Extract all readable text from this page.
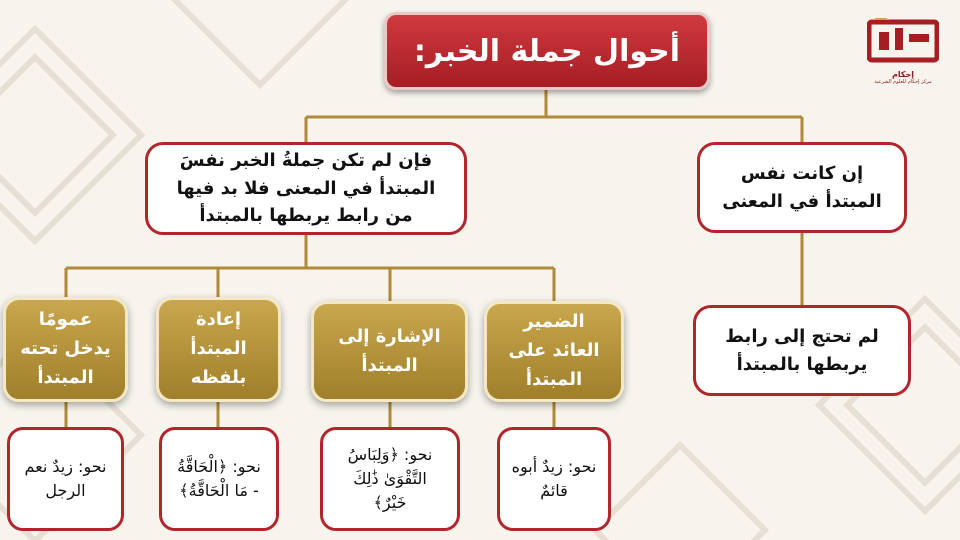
أحوال جملة الخبر:
إن كانت نفس المبتدأ في المعنى
فإن لم تكن جملةُ الخبر نفسَ المبتدأ في المعنى فلا بد فيها من رابط يربطها بالمبتدأ
لم تحتج إلى رابط يربطها بالمبتدأ
الضمير العائد على المبتدأ
الإشارة إلى المبتدأ
إعادة المبتدأ بلفظه
عمومًا يدخل تحته المبتدأ
نحو: زيدٌ أبوه قائمٌ
نحو: ﴿وَلِبَاسُ التَّقْوَىٰ ذَٰلِكَ خَيْرٌ﴾
نحو: ﴿الْحَاقَّةُ - مَا الْحَاقَّةُ﴾
نحو: زيدٌ نعم الرجل
إحكام
مركز إحكام للعلوم الشرعية
